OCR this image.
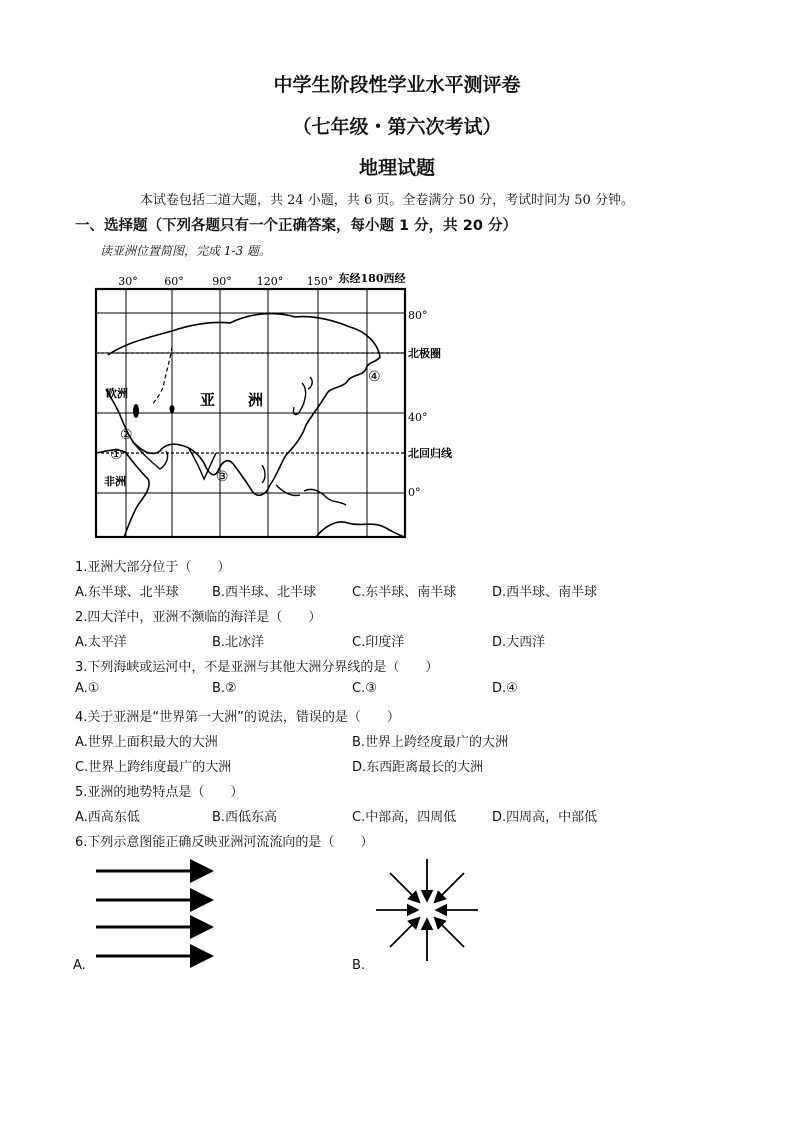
中学生阶段性学业水平测评卷
（七年级・第六次考试）
地理试题
本试卷包括二道大题，共 24 小题，共 6 页。全卷满分 50 分，考试时间为 50 分钟。
一、选择题（下列各题只有一个正确答案，每小题 1 分，共 20 分）
读亚洲位置简图，完成 1-3 题。
30° 60°	90° 120° 150° 东经180西经
80°
40°
0°
北极圈
北回归线
欧洲	亚 洲
非洲
①
②
③
④
1.亚洲大部分位于（　　）
A.东半球、北半球	B.西半球、北半球	C.东半球、南半球	D.西半球、南半球
2.四大洋中，亚洲不濒临的海洋是（　　）
A.太平洋	B.北冰洋	C.印度洋	D.大西洋
3.下列海峡或运河中，不是亚洲与其他大洲分界线的是（　　）
A.①	B.②	C.③	D.④
4.关于亚洲是“世界第一大洲”的说法，错误的是（　　）
A.世界上面积最大的大洲	B.世界上跨经度最广的大洲
C.世界上跨纬度最广的大洲	D.东西距离最长的大洲
5.亚洲的地势特点是（　　）
A.西高东低	B.西低东高	C.中部高，四周低	D.四周高，中部低
6.下列示意图能正确反映亚洲河流流向的是（　　）
A.	B.
